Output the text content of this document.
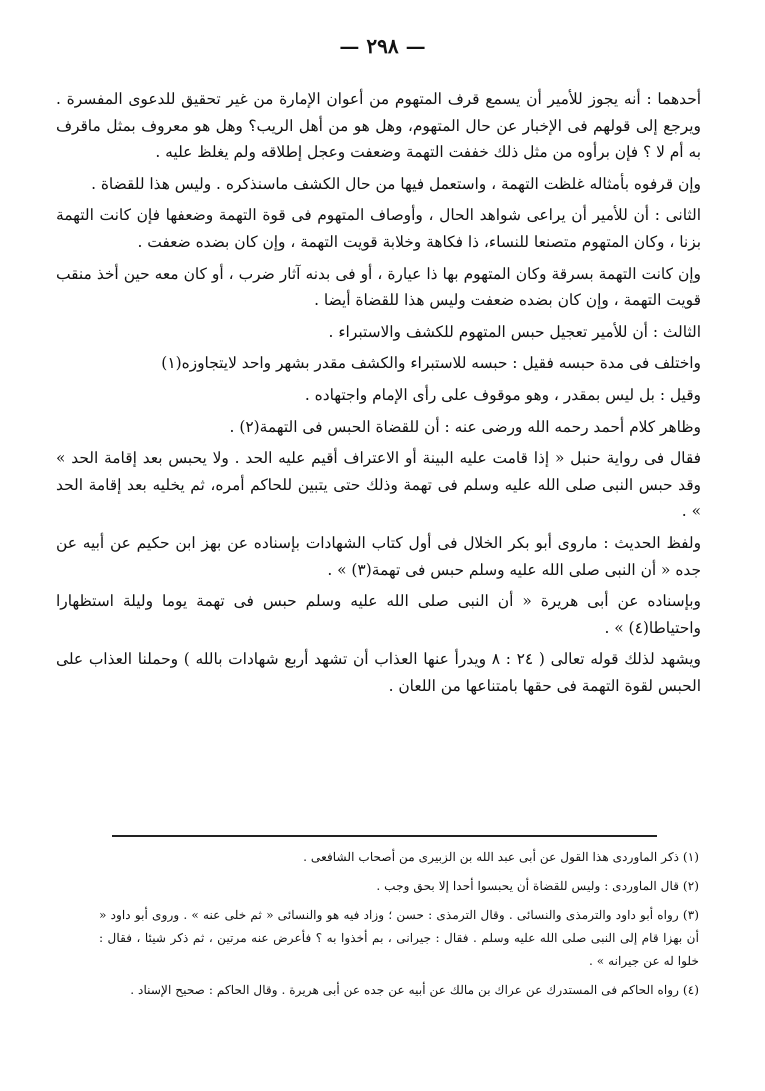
— ٢٩٨ —

أحدهما : أنه يجوز للأمير أن يسمع قرف المتهوم من أعوان الإمارة من غير تحقيق للدعوى المفسرة . ويرجع إلى قولهم فى الإخبار عن حال المتهوم، وهل هو من أهل الريب؟ وهل هو معروف بمثل ماقرف به أم لا ؟ فإن برأوه من مثل ذلك خففت التهمة وضعفت وعجل إطلاقه ولم يغلظ عليه .

وإن قرفوه بأمثاله غلظت التهمة ، واستعمل فيها من حال الكشف ماسنذكره . وليس هذا للقضاة .

الثانى : أن للأمير أن يراعى شواهد الحال ، وأوصاف المتهوم فى قوة التهمة وضعفها فإن كانت التهمة بزنا ، وكان المتهوم متصنعا للنساء، ذا فكاهة وخلابة قويت التهمة ، وإن كان بضده ضعفت .

وإن كانت التهمة بسرقة وكان المتهوم بها ذا عيارة ، أو فى بدنه آثار ضرب ، أو كان معه حين أخذ منقب قويت التهمة ، وإن كان بضده ضعفت وليس هذا للقضاة أيضا .

الثالث : أن للأمير تعجيل حبس المتهوم للكشف والاستبراء .

واختلف فى مدة حبسه فقيل : حبسه للاستبراء والكشف مقدر بشهر واحد لايتجاوزه(١)

وقيل : بل ليس بمقدر ، وهو موقوف على رأى الإمام واجتهاده .

وظاهر كلام أحمد رحمه الله ورضى عنه : أن للقضاة الحبس فى التهمة(٢) .

فقال فى رواية حنبل « إذا قامت عليه البينة أو الاعتراف أقيم عليه الحد . ولا يحبس بعد إقامة الحد » وقد حبس النبى صلى الله عليه وسلم فى تهمة وذلك حتى يتبين للحاكم أمره، ثم يخليه بعد إقامة الحد » .

ولفظ الحديث : ماروى أبو بكر الخلال فى أول كتاب الشهادات بإسناده عن بهز ابن حكيم عن أبيه عن جده « أن النبى صلى الله عليه وسلم حبس فى تهمة(٣) » .

وبإسناده عن أبى هريرة « أن النبى صلى الله عليه وسلم حبس فى تهمة يوما وليلة استظهارا واحتياطا(٤) » .

ويشهد لذلك قوله تعالى ( ٢٤ : ٨ ويدرأ عنها العذاب أن تشهد أربع شهادات بالله ) وحملنا العذاب على الحبس لقوة التهمة فى حقها بامتناعها من اللعان .

(١) ذكر الماوردى هذا القول عن أبى عبد الله بن الزبيرى من أصحاب الشافعى .

(٢) قال الماوردى : وليس للقضاة أن يحبسوا أحدا إلا بحق وجب .

(٣) رواه أبو داود والترمذى والنسائى . وقال الترمذى : حسن ؛ وزاد فيه هو والنسائى « ثم خلى عنه » . وروى أبو داود « أن بهزا قام إلى النبى صلى الله عليه وسلم . فقال : جيرانى ، بم أخذوا به ؟ فأعرض عنه مرتين ، ثم ذكر شيئا ، فقال : خلوا له عن جيرانه » .

(٤) رواه الحاكم فى المستدرك عن عراك بن مالك عن أبيه عن جده عن أبى هريرة . وقال الحاكم : صحيح الإسناد .
